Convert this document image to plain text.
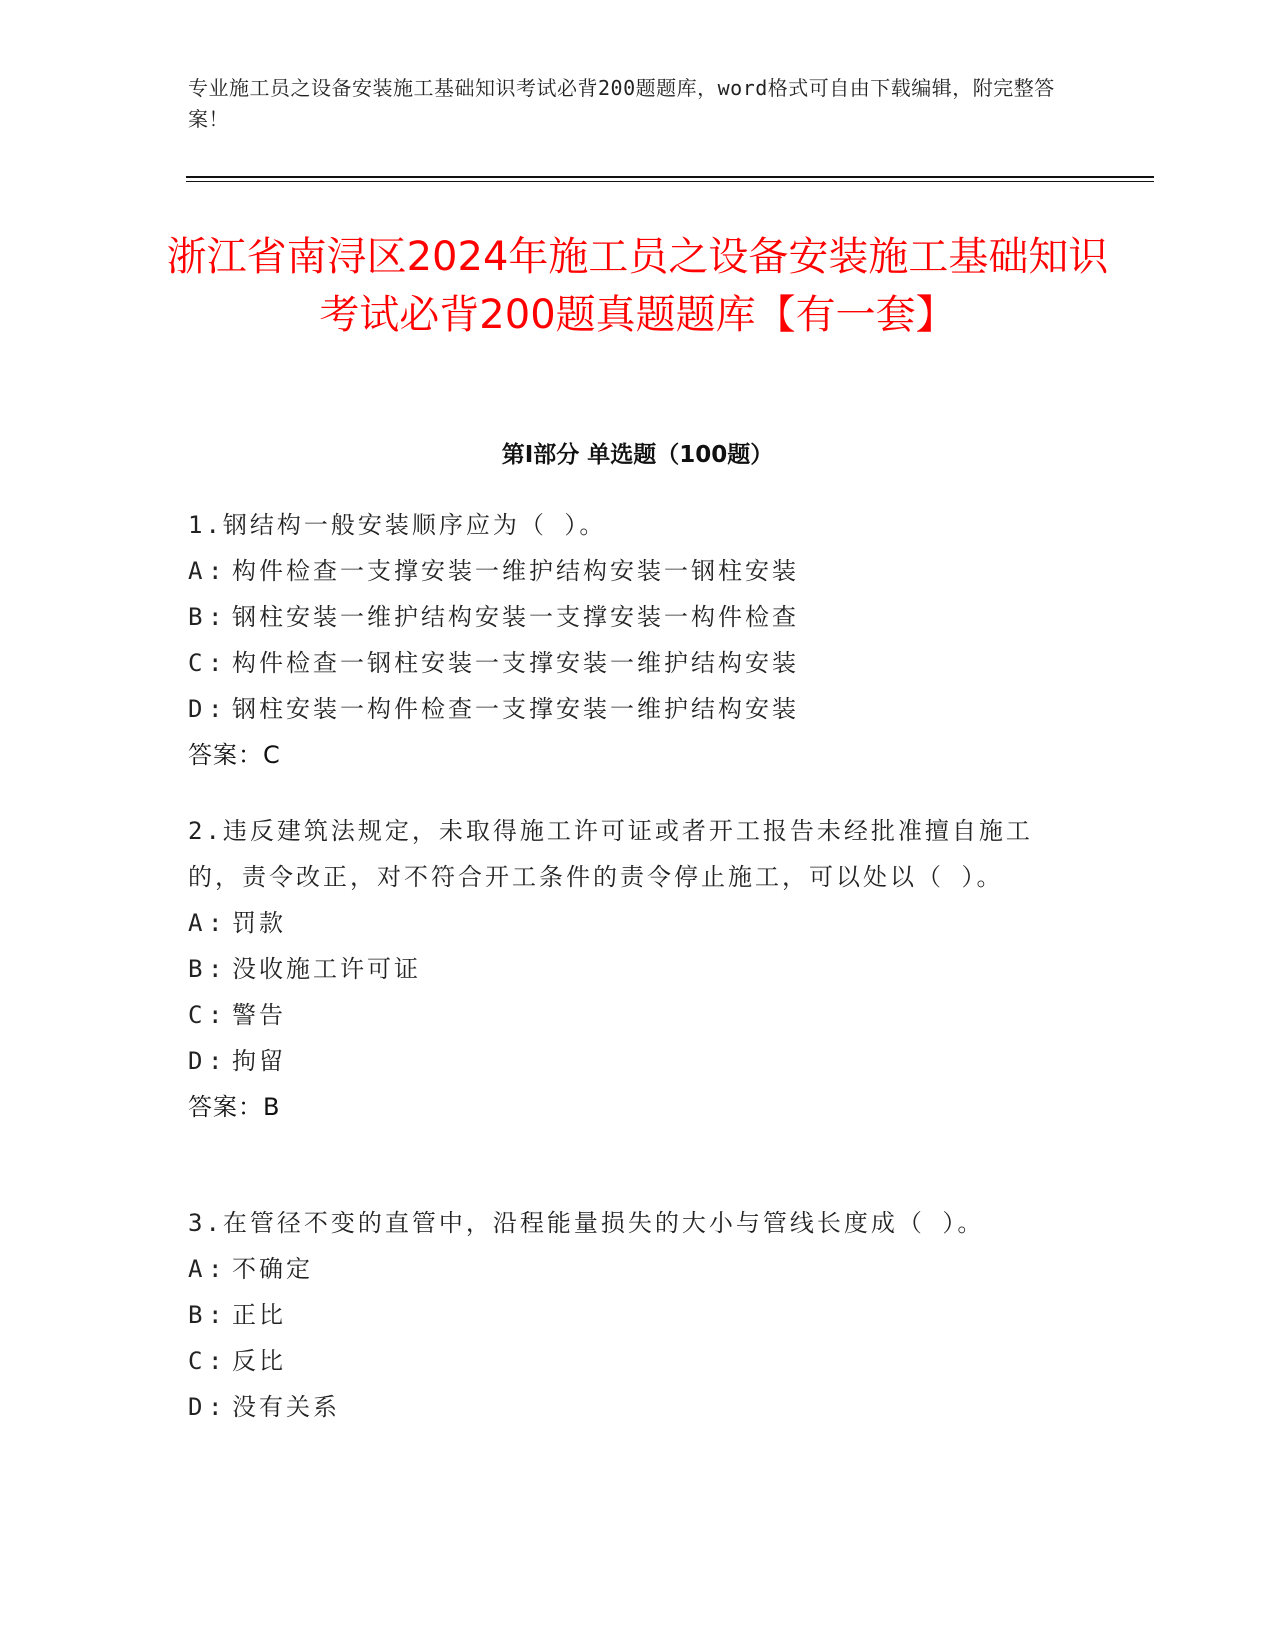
专业施工员之设备安装施工基础知识考试必背200题题库，word格式可自由下载编辑，附完整答案！
浙江省南浔区2024年施工员之设备安装施工基础知识考试必背200题真题题库【有一套】
第I部分 单选题（100题）

1.钢结构一般安装顺序应为（ ）。

A : 构件检查一支撑安装一维护结构安装一钢柱安装

B : 钢柱安装一维护结构安装一支撑安装一构件检查

C : 构件检查一钢柱安装一支撑安装一维护结构安装

D : 钢柱安装一构件检查一支撑安装一维护结构安装

答案：C

2.违反建筑法规定，未取得施工许可证或者开工报告未经批准擅自施工的，责令改正，对不符合开工条件的责令停止施工，可以处以（ ）。

A : 罚款

B : 没收施工许可证

C : 警告

D : 拘留

答案：B

3.在管径不变的直管中，沿程能量损失的大小与管线长度成（ ）。

A : 不确定

B : 正比

C : 反比

D : 没有关系
